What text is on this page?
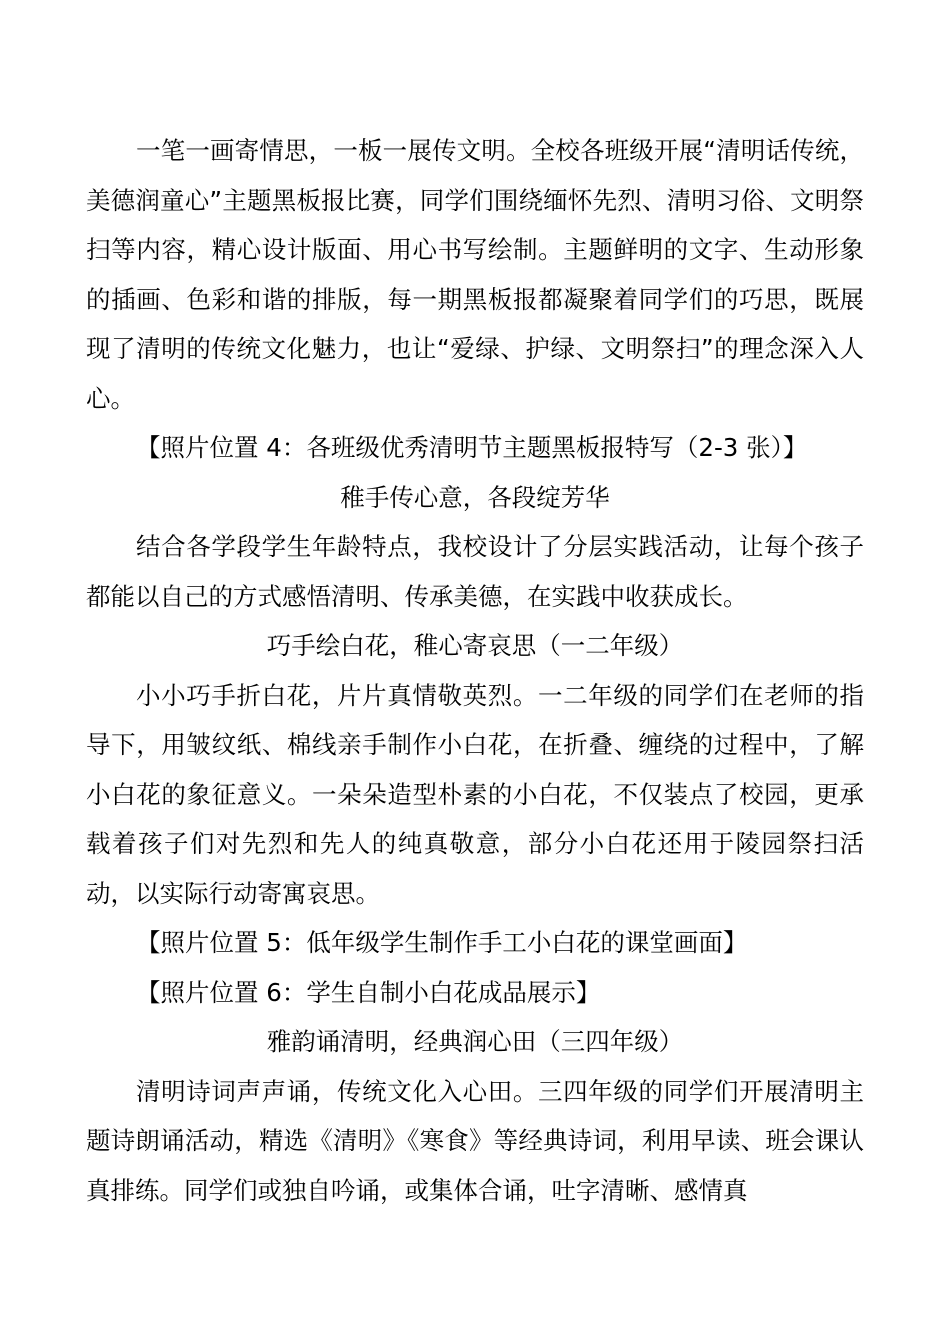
一笔一画寄情思，一板一展传文明。全校各班级开展“清明话传统，美德润童心”主题黑板报比赛，同学们围绕缅怀先烈、清明习俗、文明祭扫等内容，精心设计版面、用心书写绘制。主题鲜明的文字、生动形象的插画、色彩和谐的排版，每一期黑板报都凝聚着同学们的巧思，既展现了清明的传统文化魅力，也让“爱绿、护绿、文明祭扫”的理念深入人心。

【照片位置 4：各班级优秀清明节主题黑板报特写（2-3 张）】

稚手传心意，各段绽芳华

结合各学段学生年龄特点，我校设计了分层实践活动，让每个孩子都能以自己的方式感悟清明、传承美德，在实践中收获成长。

巧手绘白花，稚心寄哀思（一二年级）

小小巧手折白花，片片真情敬英烈。一二年级的同学们在老师的指导下，用皱纹纸、棉线亲手制作小白花，在折叠、缠绕的过程中，了解小白花的象征意义。一朵朵造型朴素的小白花，不仅装点了校园，更承载着孩子们对先烈和先人的纯真敬意，部分小白花还用于陵园祭扫活动，以实际行动寄寓哀思。

【照片位置 5：低年级学生制作手工小白花的课堂画面】

【照片位置 6：学生自制小白花成品展示】

雅韵诵清明，经典润心田（三四年级）

清明诗词声声诵，传统文化入心田。三四年级的同学们开展清明主题诗朗诵活动，精选《清明》《寒食》等经典诗词，利用早读、班会课认真排练。同学们或独自吟诵，或集体合诵，吐字清晰、感情真
